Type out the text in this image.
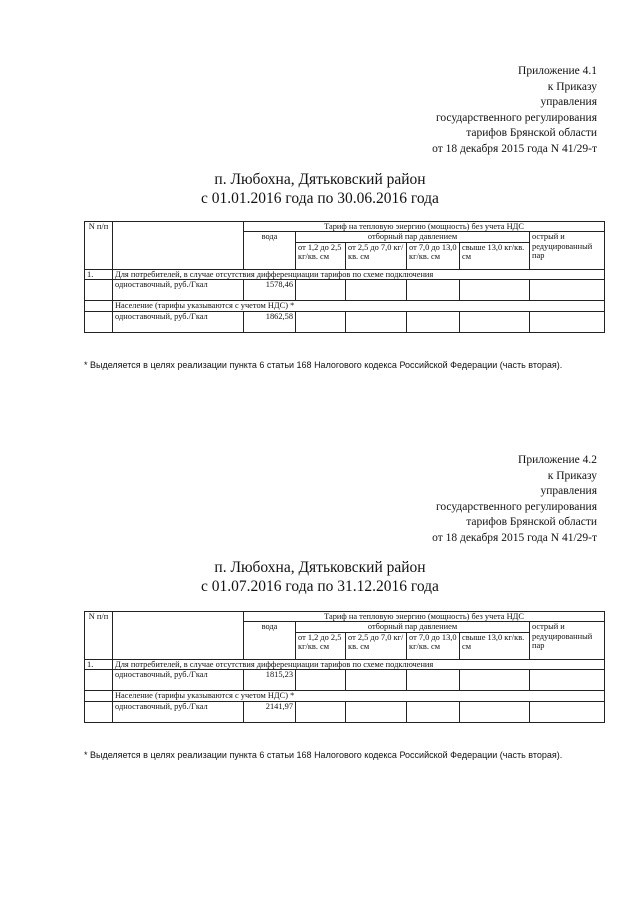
Приложение 4.1
к Приказу
управления
государственного регулирования
тарифов Брянской области
от 18 декабря 2015 года N 41/29-т
п. Любохна, Дятьковский район
с 01.01.2016 года по 30.06.2016 года
N п/п		Тариф на тепловую энергию (мощность) без учета НДС					
		вода	отборный пар давлением				острый и редуцированный пар
			от 1,2 до 2,5 кг/кв. см	от 2,5 до 7,0 кг/кв. см	от 7,0 до 13,0 кг/кв. см	свыше 13,0 кг/кв. см	
1.	Для потребителей, в случае отсутствия дифференциации тарифов по схеме подключения						
	одноставочный, руб./Гкал	1578,46					
	Население (тарифы указываются с учетом НДС) *						
	одноставочный, руб./Гкал	1862,58					
* Выделяется в целях реализации пункта 6 статьи 168 Налогового кодекса Российской Федерации (часть вторая).
Приложение 4.2
к Приказу
управления
государственного регулирования
тарифов Брянской области
от 18 декабря 2015 года N 41/29-т
п. Любохна, Дятьковский район
с 01.07.2016 года по 31.12.2016 года
N п/п		Тариф на тепловую энергию (мощность) без учета НДС					
		вода	отборный пар давлением				острый и редуцированный пар
			от 1,2 до 2,5 кг/кв. см	от 2,5 до 7,0 кг/кв. см	от 7,0 до 13,0 кг/кв. см	свыше 13,0 кг/кв. см	
1.	Для потребителей, в случае отсутствия дифференциации тарифов по схеме подключения						
	одноставочный, руб./Гкал	1815,23					
	Население (тарифы указываются с учетом НДС) *						
	одноставочный, руб./Гкал	2141,97					
* Выделяется в целях реализации пункта 6 статьи 168 Налогового кодекса Российской Федерации (часть вторая).
